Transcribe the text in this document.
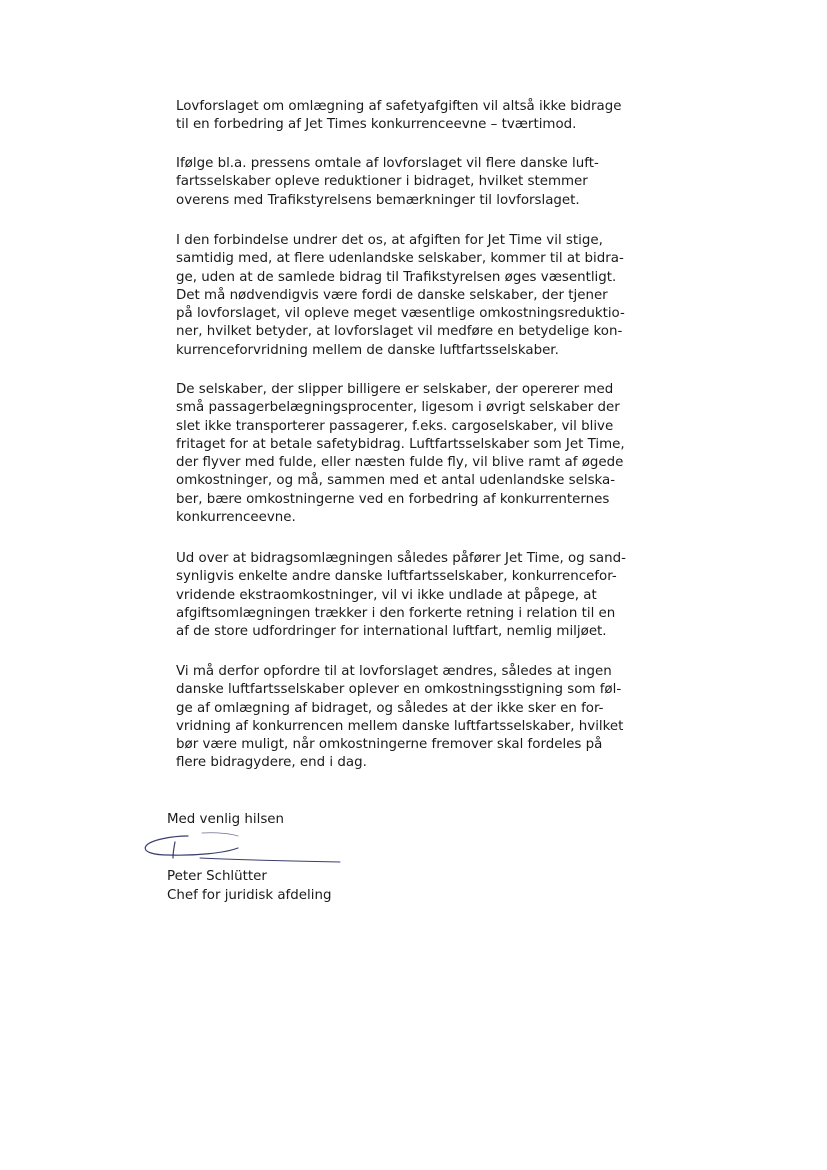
Lovforslaget om omlægning af safetyafgiften vil altså ikke bidrage
til en forbedring af Jet Times konkurrenceevne – tværtimod.

Ifølge bl.a. pressens omtale af lovforslaget vil flere danske luft-
fartsselskaber opleve reduktioner i bidraget, hvilket stemmer
overens med Trafikstyrelsens bemærkninger til lovforslaget.

I den forbindelse undrer det os, at afgiften for Jet Time vil stige,
samtidig med, at flere udenlandske selskaber, kommer til at bidra-
ge, uden at de samlede bidrag til Trafikstyrelsen øges væsentligt.
Det må nødvendigvis være fordi de danske selskaber, der tjener
på lovforslaget, vil opleve meget væsentlige omkostningsreduktio-
ner, hvilket betyder, at lovforslaget vil medføre en betydelige kon-
kurrenceforvridning mellem de danske luftfartsselskaber.

De selskaber, der slipper billigere er selskaber, der opererer med
små passagerbelægningsprocenter, ligesom i øvrigt selskaber der
slet ikke transporterer passagerer, f.eks. cargoselskaber, vil blive
fritaget for at betale safetybidrag. Luftfartsselskaber som Jet Time,
der flyver med fulde, eller næsten fulde fly, vil blive ramt af øgede
omkostninger, og må, sammen med et antal udenlandske selska-
ber, bære omkostningerne ved en forbedring af konkurrenternes
konkurrenceevne.

Ud over at bidragsomlægningen således påfører Jet Time, og sand-
synligvis enkelte andre danske luftfartsselskaber, konkurrencefor-
vridende ekstraomkostninger, vil vi ikke undlade at påpege, at
afgiftsomlægningen trækker i den forkerte retning i relation til en
af de store udfordringer for international luftfart, nemlig miljøet.

Vi må derfor opfordre til at lovforslaget ændres, således at ingen
danske luftfartsselskaber oplever en omkostningsstigning som føl-
ge af omlægning af bidraget, og således at der ikke sker en for-
vridning af konkurrencen mellem danske luftfartsselskaber, hvilket
bør være muligt, når omkostningerne fremover skal fordeles på
flere bidragydere, end i dag.

Med venlig hilsen
Peter Schlütter
Chef for juridisk afdeling
